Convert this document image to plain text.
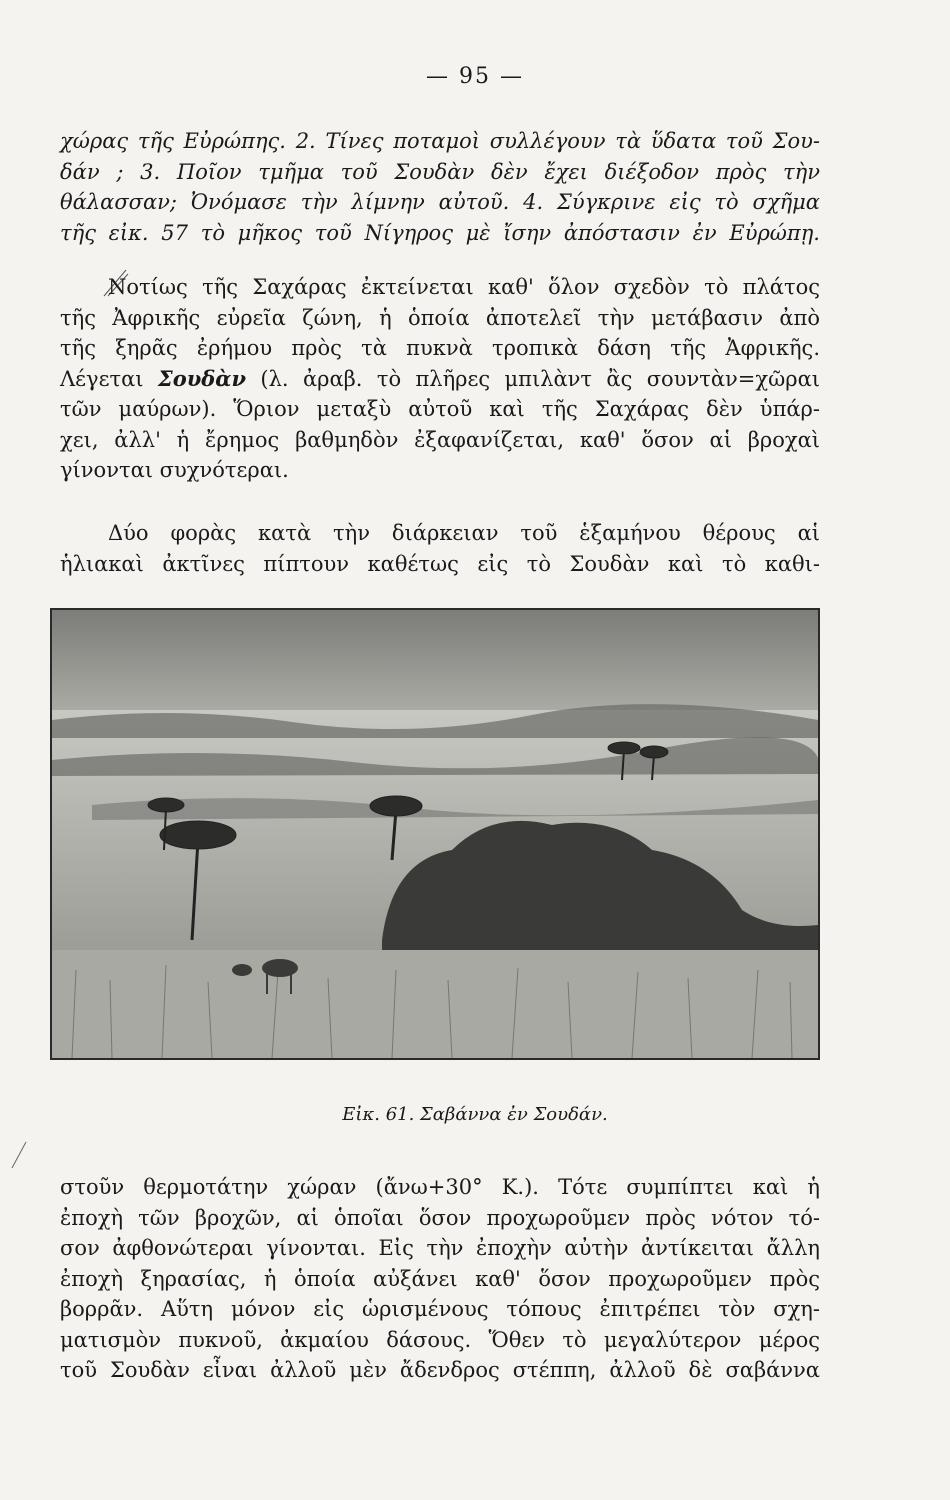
— 95 —
χώρας τῆς Εὐρώπης. 2. Τίνες ποταμοὶ συλλέγουν τὰ ὕδατα τοῦ Σου-
δάν ; 3. Ποῖον τμῆμα τοῦ Σουδὰν δὲν ἔχει διέξοδον πρὸς τὴν
θάλασσαν; Ὀνόμασε τὴν λίμνην αὐτοῦ. 4. Σύγκρινε εἰς τὸ σχῆμα
τῆς εἰκ. 57 τὸ μῆκος τοῦ Νίγηρος μὲ ἴσην ἀπόστασιν ἐν Εὐρώπῃ.
Νοτίως τῆς Σαχάρας ἐκτείνεται καθ' ὅλον σχεδὸν τὸ πλάτος
τῆς Ἀφρικῆς εὐρεῖα ζώνη, ἡ ὁποία ἀποτελεῖ τὴν μετάβασιν ἀπὸ
τῆς ξηρᾶς ἐρήμου πρὸς τὰ πυκνὰ τροπικὰ δάση τῆς Ἀφρικῆς.
Λέγεται Σουδὰν (λ. ἀραβ. τὸ πλῆρες μπιλὰντ ἂς σουντὰν=χῶραι
τῶν μαύρων). Ὅριον μεταξὺ αὐτοῦ καὶ τῆς Σαχάρας δὲν ὑπάρ-
χει, ἀλλ' ἡ ἔρημος βαθμηδὸν ἐξαφανίζεται, καθ' ὅσον αἱ βροχαὶ
γίνονται συχνότεραι.
Δύο φορὰς κατὰ τὴν διάρκειαν τοῦ ἑξαμήνου θέρους αἱ
ἡλιακαὶ ἀκτῖνες πίπτουν καθέτως εἰς τὸ Σουδὰν καὶ τὸ καθι-
Εἰκ. 61. Σαβάννα ἐν Σουδάν.
στοῦν θερμοτάτην χώραν (ἄνω+30° Κ.). Τότε συμπίπτει καὶ ἡ
ἐποχὴ τῶν βροχῶν, αἱ ὁποῖαι ὅσον προχωροῦμεν πρὸς νότον τό-
σον ἀφθονώτεραι γίνονται. Εἰς τὴν ἐποχὴν αὐτὴν ἀντίκειται ἄλλη
ἐποχὴ ξηρασίας, ἡ ὁποία αὐξάνει καθ' ὅσον προχωροῦμεν πρὸς
βορρᾶν. Αὕτη μόνον εἰς ὡρισμένους τόπους ἐπιτρέπει τὸν σχη-
ματισμὸν πυκνοῦ, ἀκμαίου δάσους. Ὅθεν τὸ μεγαλύτερον μέρος
τοῦ Σουδὰν εἶναι ἀλλοῦ μὲν ἄδενδρος στέππη, ἀλλοῦ δὲ σαβάννα
